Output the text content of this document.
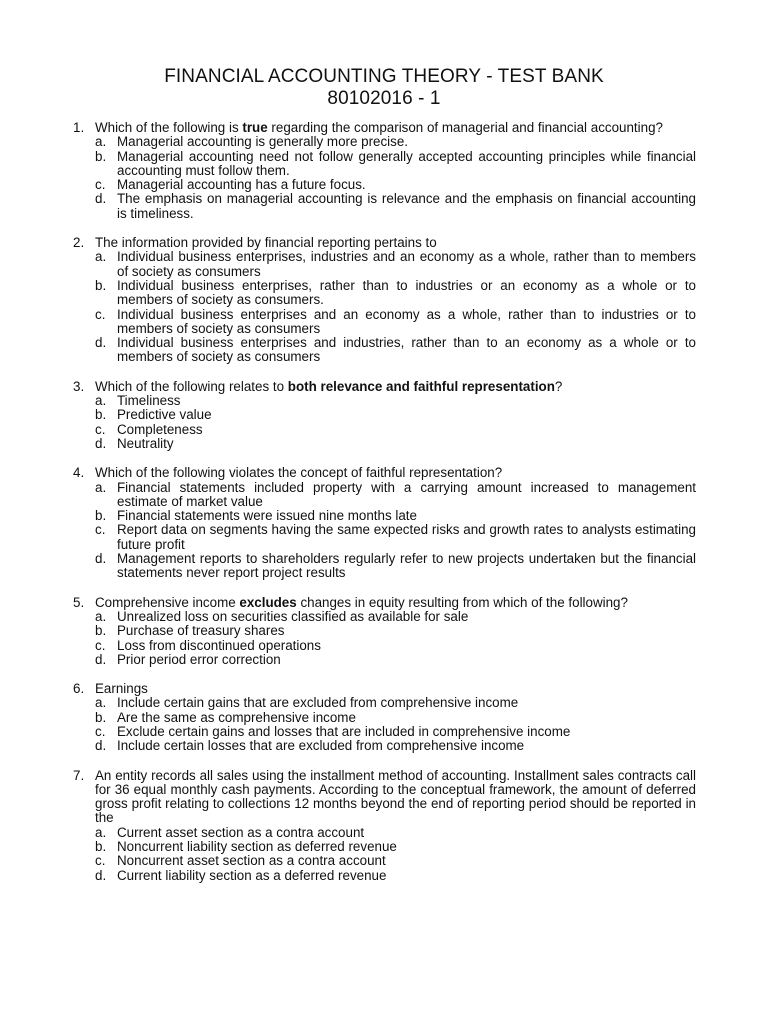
FINANCIAL ACCOUNTING THEORY - TEST BANK
80102016 - 1
1. Which of the following is true regarding the comparison of managerial and financial accounting?

a. Managerial accounting is generally more precise.

b. Managerial accounting need not follow generally accepted accounting principles while financial accounting must follow them.

c. Managerial accounting has a future focus.

d. The emphasis on managerial accounting is relevance and the emphasis on financial accounting is timeliness.

2. The information provided by financial reporting pertains to

a. Individual business enterprises, industries and an economy as a whole, rather than to members of society as consumers

b. Individual business enterprises, rather than to industries or an economy as a whole or to members of society as consumers.

c. Individual business enterprises and an economy as a whole, rather than to industries or to members of society as consumers

d. Individual business enterprises and industries, rather than to an economy as a whole or to members of society as consumers

3. Which of the following relates to both relevance and faithful representation?

a. Timeliness

b. Predictive value

c. Completeness

d. Neutrality

4. Which of the following violates the concept of faithful representation?

a. Financial statements included property with a carrying amount increased to management estimate of market value

b. Financial statements were issued nine months late

c. Report data on segments having the same expected risks and growth rates to analysts estimating future profit

d. Management reports to shareholders regularly refer to new projects undertaken but the financial statements never report project results

5. Comprehensive income excludes changes in equity resulting from which of the following?

a. Unrealized loss on securities classified as available for sale

b. Purchase of treasury shares

c. Loss from discontinued operations

d. Prior period error correction

6. Earnings

a. Include certain gains that are excluded from comprehensive income

b. Are the same as comprehensive income

c. Exclude certain gains and losses that are included in comprehensive income

d. Include certain losses that are excluded from comprehensive income

7. An entity records all sales using the installment method of accounting. Installment sales contracts call for 36 equal monthly cash payments. According to the conceptual framework, the amount of deferred gross profit relating to collections 12 months beyond the end of reporting period should be reported in the

a. Current asset section as a contra account

b. Noncurrent liability section as deferred revenue

c. Noncurrent asset section as a contra account

d. Current liability section as a deferred revenue
